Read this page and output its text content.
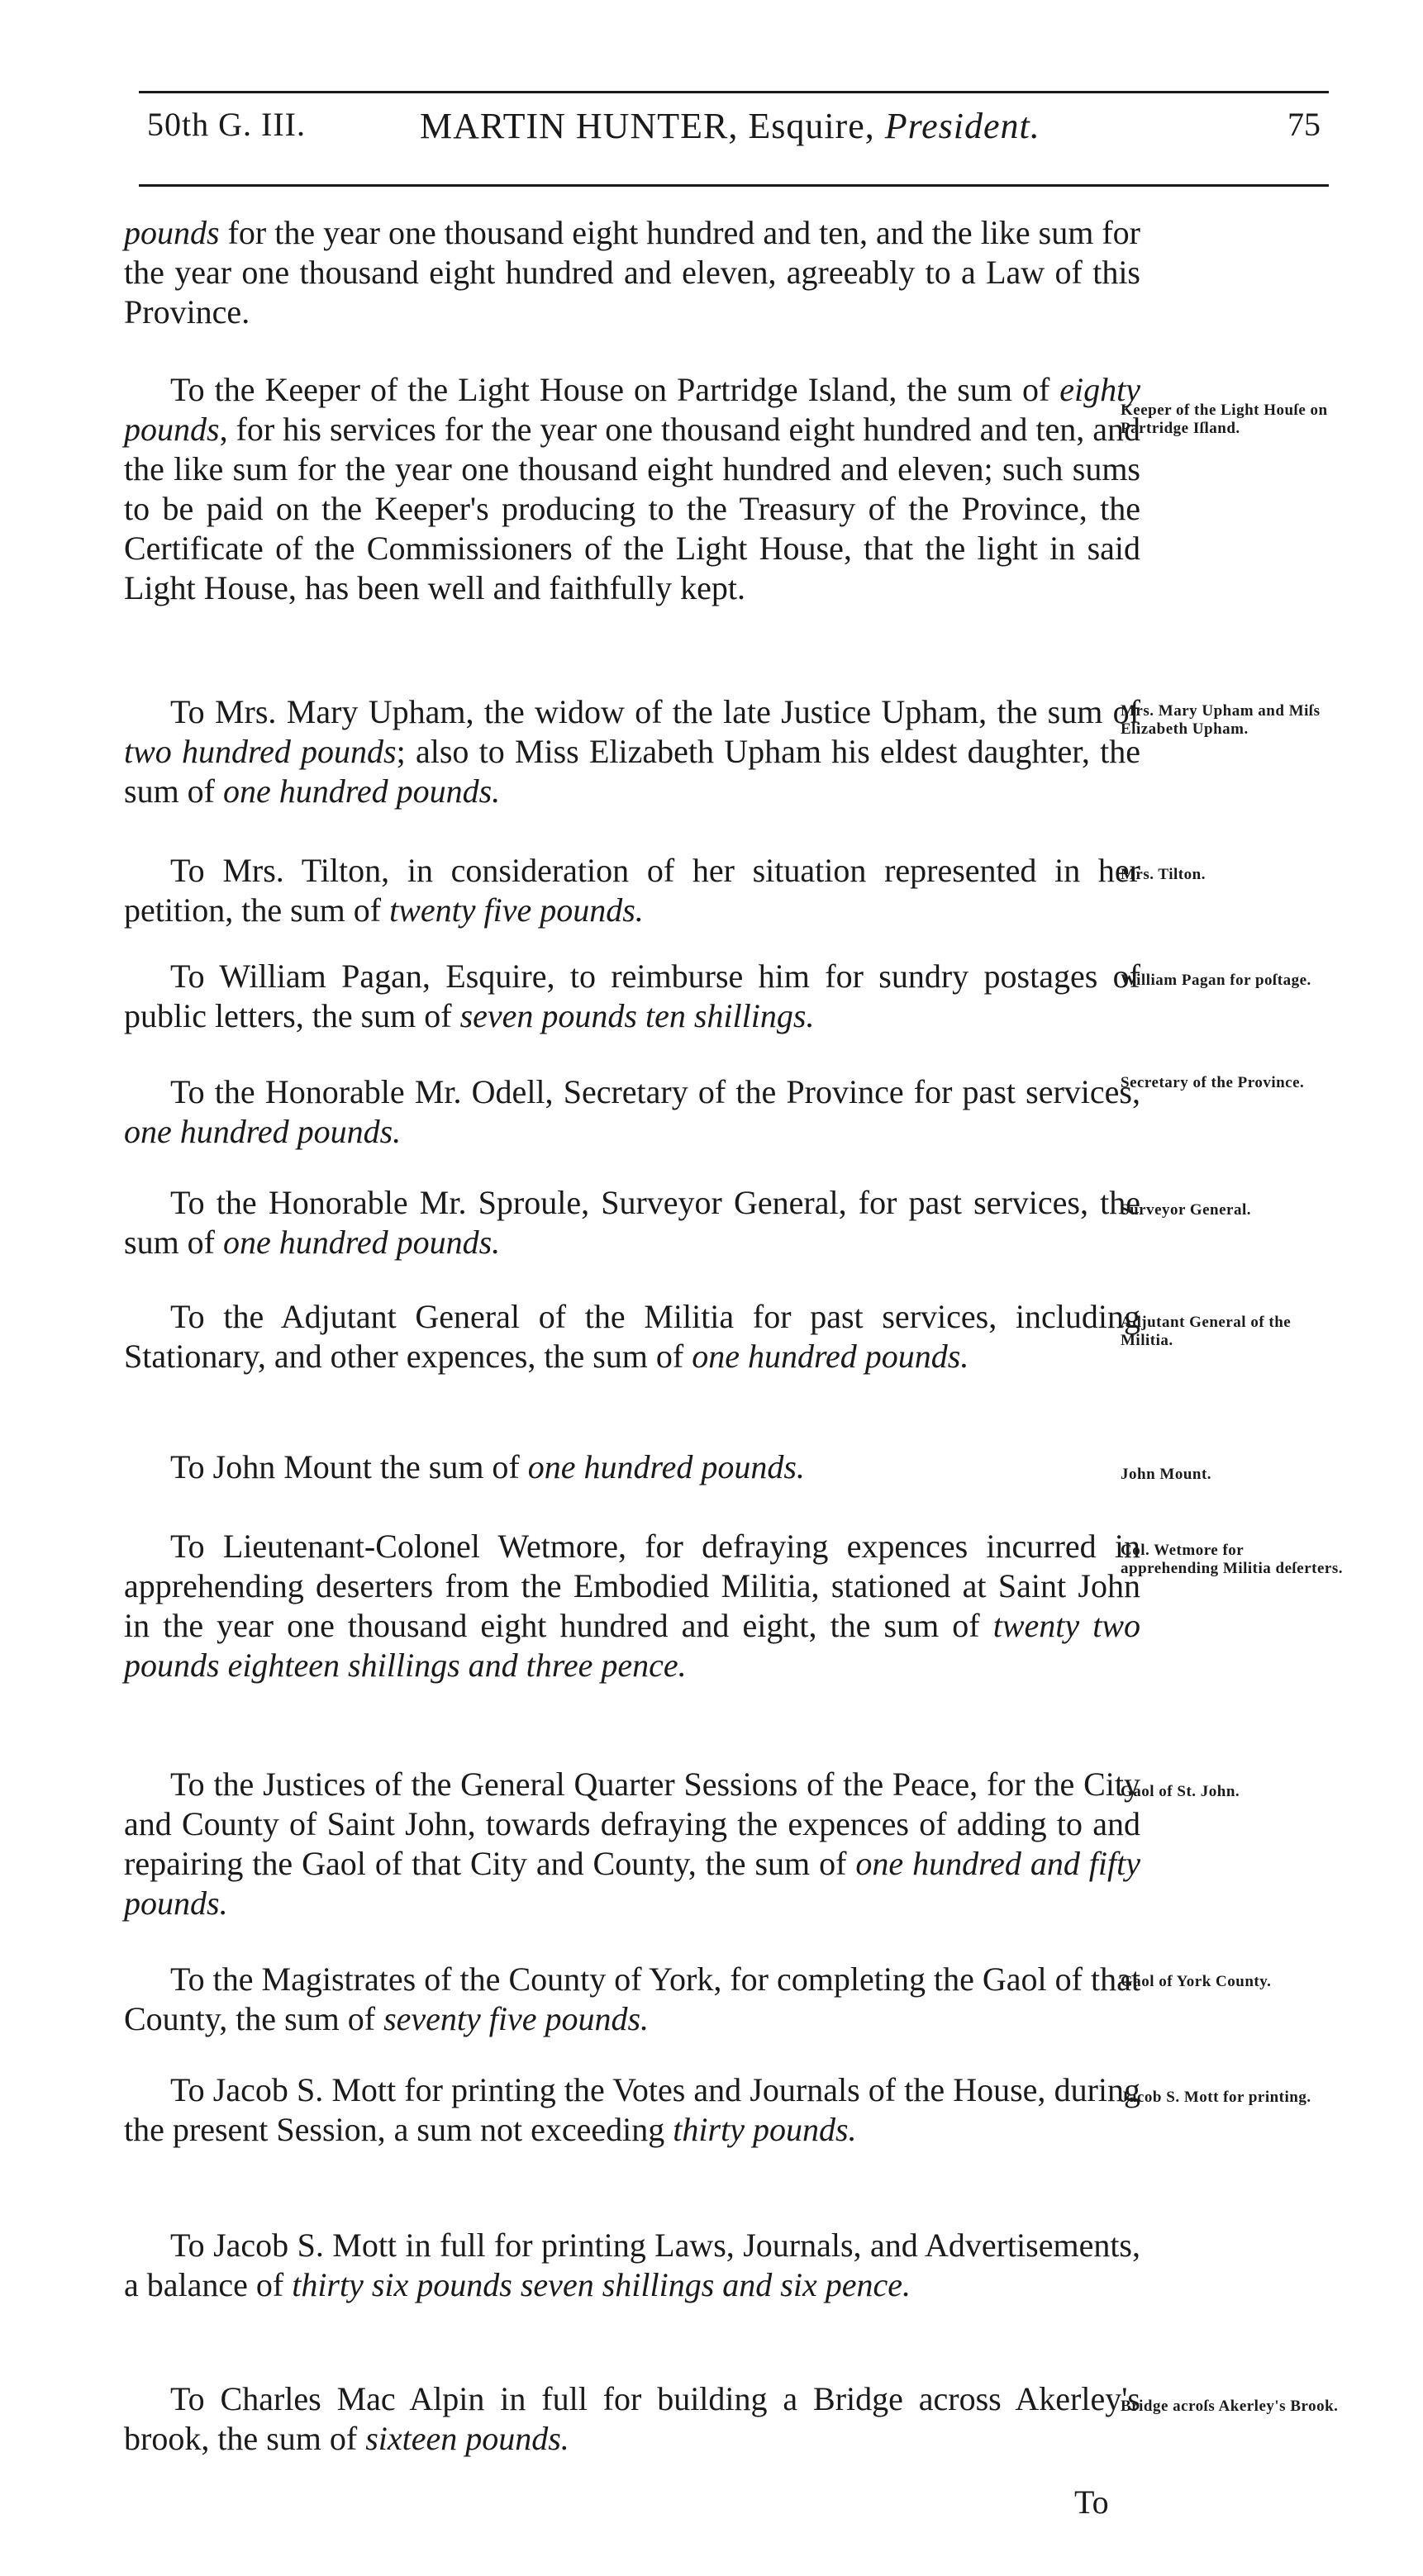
50th G. III.	MARTIN HUNTER, Esquire, President.	75

pounds for the year one thousand eight hundred and ten, and the like sum for the year one thousand eight hundred and eleven, agreeably to a Law of this Province.

To the Keeper of the Light House on Partridge Island, the sum of eighty pounds, for his services for the year one thousand eight hundred and ten, and the like sum for the year one thousand eight hundred and eleven; such sums to be paid on the Keeper's producing to the Treasury of the Province, the Certificate of the Commissioners of the Light House, that the light in said Light House, has been well and faithfully kept.

Keeper of the Light Houſe on Partridge Iſland.

To Mrs. Mary Upham, the widow of the late Justice Upham, the sum of two hundred pounds; also to Miss Elizabeth Upham his eldest daughter, the sum of one hundred pounds.

Mrs. Mary Upham and Miſs Elizabeth Upham.

To Mrs. Tilton, in consideration of her situation represented in her petition, the sum of twenty five pounds.

Mrs. Tilton.

To William Pagan, Esquire, to reimburse him for sundry postages of public letters, the sum of seven pounds ten shillings.

William Pagan for poſtage.

To the Honorable Mr. Odell, Secretary of the Province for past services, one hundred pounds.

Secretary of the Province.

To the Honorable Mr. Sproule, Surveyor General, for past services, the sum of one hundred pounds.

Surveyor General.

To the Adjutant General of the Militia for past services, including Stationary, and other expences, the sum of one hundred pounds.

Adjutant General of the Militia.

To John Mount the sum of one hundred pounds.	John Mount.

To Lieutenant-Colonel Wetmore, for defraying expences incurred in apprehending deserters from the Embodied Militia, stationed at Saint John in the year one thousand eight hundred and eight, the sum of twenty two pounds eighteen shillings and three pence.

Col. Wetmore for apprehending Militia deſerters.

To the Justices of the General Quarter Sessions of the Peace, for the City and County of Saint John, towards defraying the expences of adding to and repairing the Gaol of that City and County, the sum of one hundred and fifty pounds.

Gaol of St. John.

To the Magistrates of the County of York, for completing the Gaol of that County, the sum of seventy five pounds.

Gaol of York County.

To Jacob S. Mott for printing the Votes and Journals of the House, during the present Session, a sum not exceeding thirty pounds.

Jacob S. Mott for printing.

To Jacob S. Mott in full for printing Laws, Journals, and Advertisements, a balance of thirty six pounds seven shillings and six pence.

To Charles Mac Alpin in full for building a Bridge across Akerley's brook, the sum of sixteen pounds.

Bridge acroſs Akerley's Brook.
To
